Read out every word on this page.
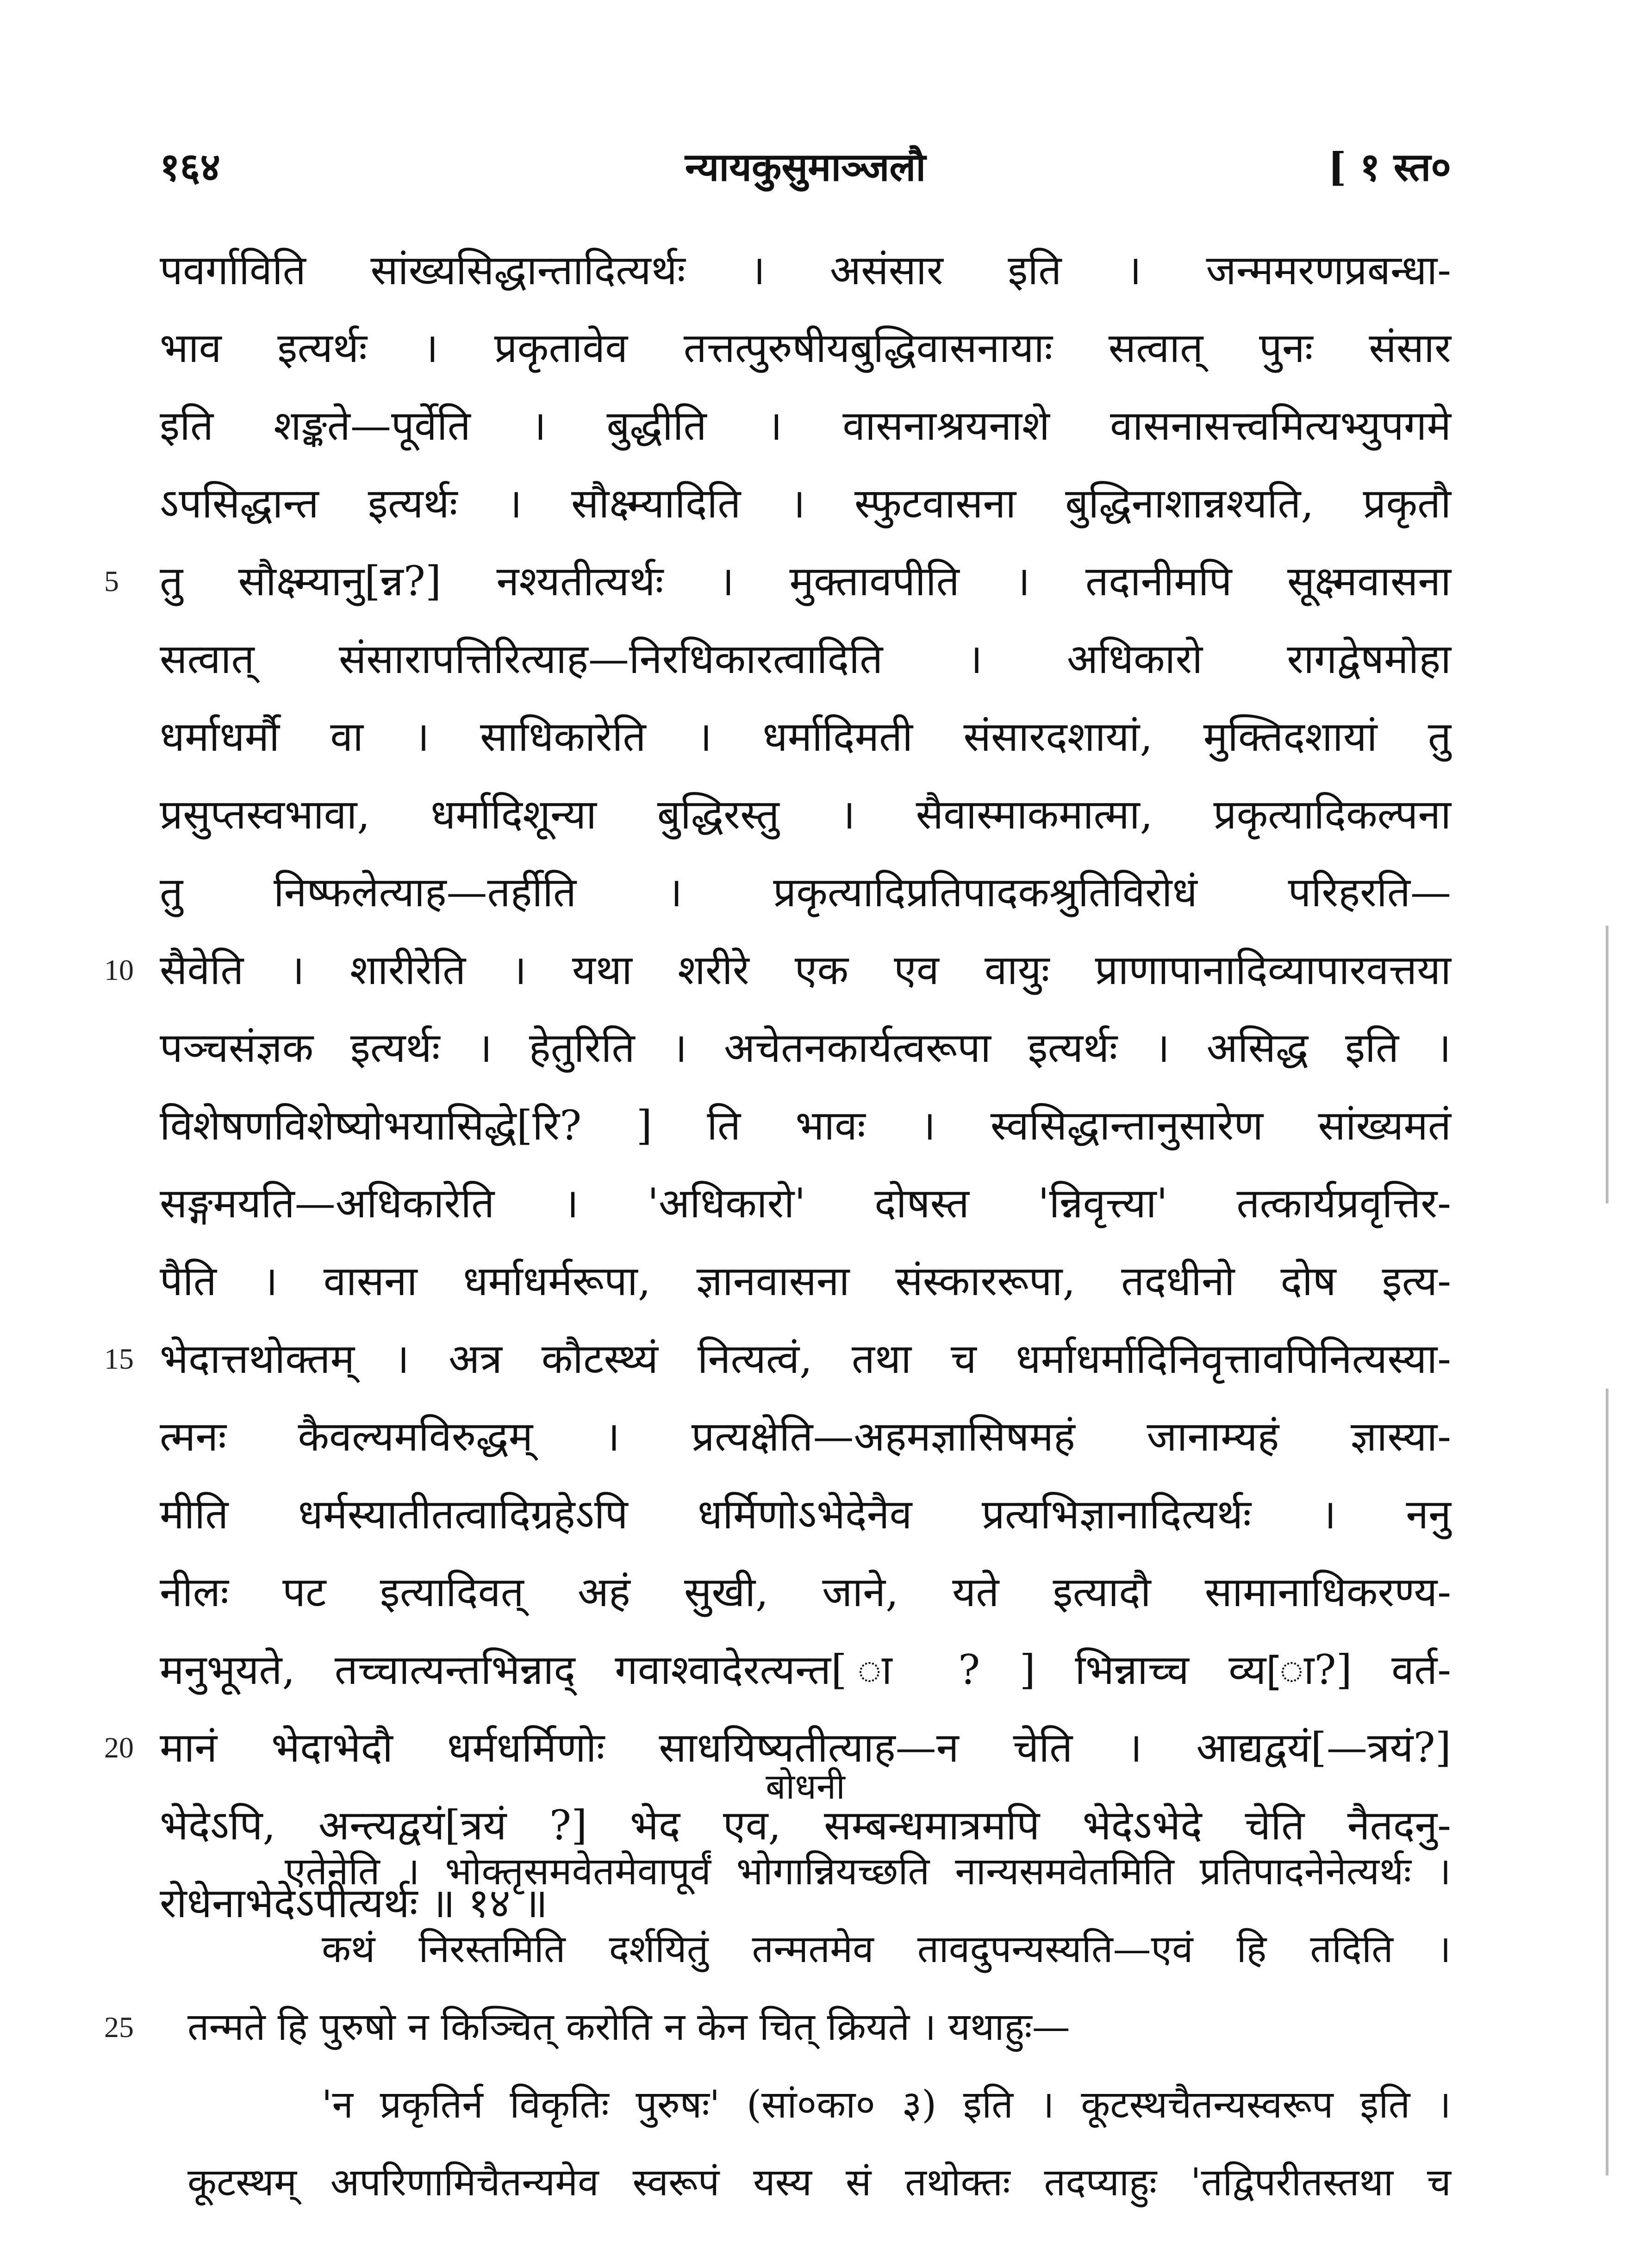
१६४	न्यायकुसुमाञ्जलौ	[ १ स्त०
पवर्गाविति सांख्यसिद्धान्तादित्यर्थः । असंसार इति । जन्ममरणप्रबन्धा-
भाव इत्यर्थः । प्रकृतावेव तत्तत्पुरुषीयबुद्धिवासनायाः सत्वात् पुनः संसार
इति शङ्कते—पूर्वेति । बुद्धीति । वासनाश्रयनाशे वासनासत्त्वमित्यभ्युपगमे
ऽपसिद्धान्त इत्यर्थः । सौक्ष्म्यादिति । स्फुटवासना बुद्धिनाशान्नश्यति, प्रकृतौ
5	तु सौक्ष्म्यानु[न्न?] नश्यतीत्यर्थः । मुक्तावपीति । तदानीमपि सूक्ष्मवासना
सत्वात् संसारापत्तिरित्याह—निरधिकारत्वादिति । अधिकारो रागद्वेषमोहा
धर्माधर्मौ वा । साधिकारेति । धर्मादिमती संसारदशायां, मुक्तिदशायां तु
प्रसुप्तस्वभावा, धर्मादिशून्या बुद्धिरस्तु । सैवास्माकमात्मा, प्रकृत्यादिकल्पना
तु निष्फलेत्याह—तर्हीति । प्रकृत्यादिप्रतिपादकश्रुतिविरोधं परिहरति—
10 सैवेति । शारीरेति । यथा शरीरे एक एव वायुः प्राणापानादिव्यापारवत्तया
पञ्चसंज्ञक इत्यर्थः । हेतुरिति । अचेतनकार्यत्वरूपा इत्यर्थः । असिद्ध इति ।
विशेषणविशेष्योभयासिद्धे[रि? ] ति भावः । स्वसिद्धान्तानुसारेण सांख्यमतं
सङ्गमयति—अधिकारेति । 'अधिकारो' दोषस्त 'न्निवृत्त्या' तत्कार्यप्रवृत्तिर-
पैति । वासना धर्माधर्मरूपा, ज्ञानवासना संस्काररूपा, तदधीनो दोष इत्य-
15 भेदात्तथोक्तम् । अत्र कौटस्थ्यं नित्यत्वं, तथा च धर्माधर्मादिनिवृत्तावपिनित्यस्या-
त्मनः कैवल्यमविरुद्धम् । प्रत्यक्षेति—अहमज्ञासिषमहं जानाम्यहं ज्ञास्या-
मीति धर्मस्यातीतत्वादिग्रहेऽपि धर्मिणोऽभेदेनैव प्रत्यभिज्ञानादित्यर्थः । ननु
नीलः पट इत्यादिवत् अहं सुखी, जाने, यते इत्यादौ सामानाधिकरण्य-
मनुभूयते, तच्चात्यन्तभिन्नाद् गवाश्वादेरत्यन्त[ ा ? ] भिन्नाच्च व्य[ा?] वर्त-
20 मानं भेदाभेदौ धर्मधर्मिणोः साधयिष्यतीत्याह—न चेति । आद्यद्वयं[—त्रयं?]
भेदेऽपि, अन्त्यद्वयं[त्रयं ?] भेद एव, सम्बन्धमात्रमपि भेदेऽभेदे चेति नैतदनु-
रोधेनाभेदेऽपीत्यर्थः ॥ १४ ॥
बोधनी
एतेनेति । भोक्तृसमवेतमेवापूर्वं भोगान्नियच्छति नान्यसमवेतमिति प्रतिपादनेनेत्यर्थः ।
कथं निरस्तमिति दर्शयितुं तन्मतमेव तावदुपन्यस्यति—एवं हि तदिति ।
25	तन्मते हि पुरुषो न किञ्चित् करोति न केन चित् क्रियते । यथाहुः—
'न प्रकृतिर्न विकृतिः पुरुषः' (सां०का० ३) इति । कूटस्थचैतन्यस्वरूप इति ।
कूटस्थम् अपरिणामिचैतन्यमेव स्वरूपं यस्य सं तथोक्तः तदप्याहुः 'तद्विपरीतस्तथा च
